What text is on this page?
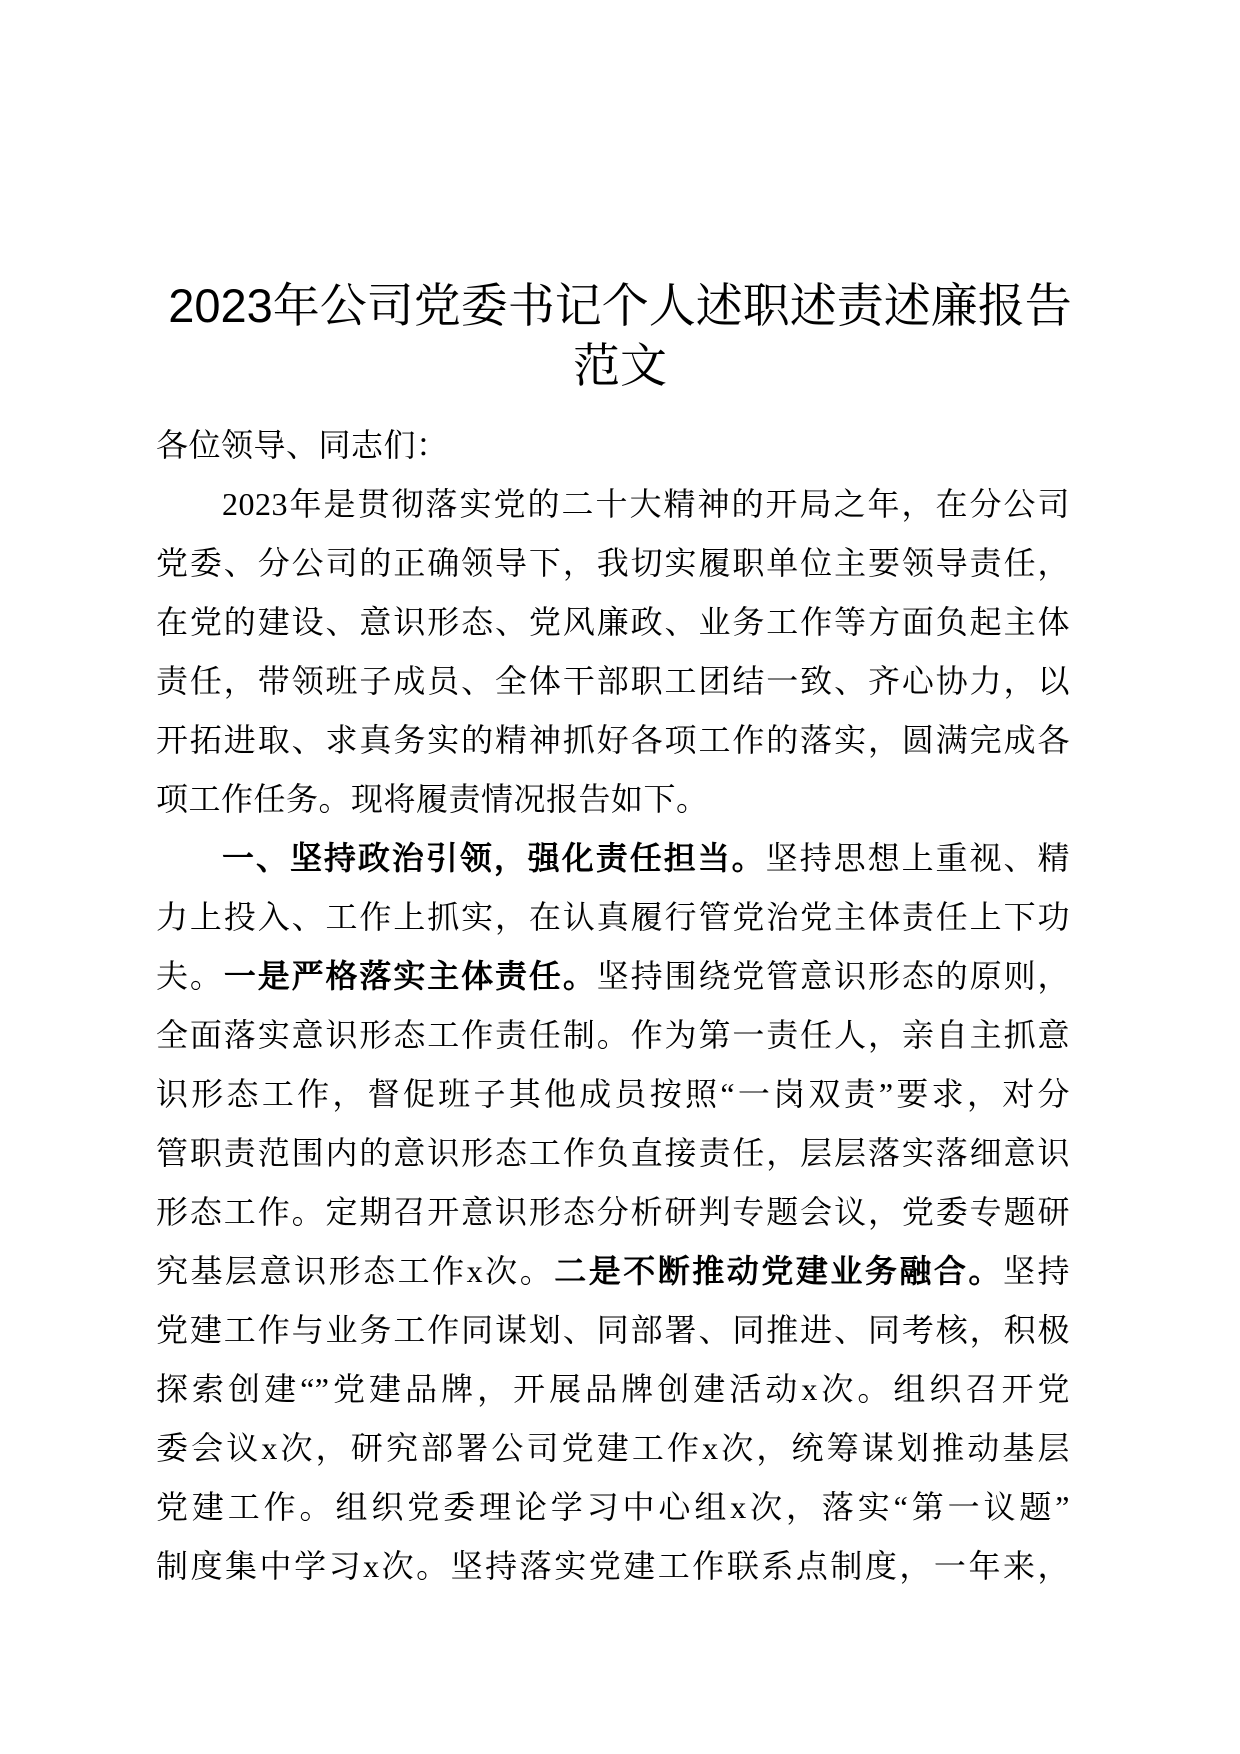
2023年公司党委书记个人述职述责述廉报告
范文
各位领导、同志们：
2023年是贯彻落实党的二十大精神的开局之年，在分公司
党委、分公司的正确领导下，我切实履职单位主要领导责任，
在党的建设、意识形态、党风廉政、业务工作等方面负起主体
责任，带领班子成员、全体干部职工团结一致、齐心协力，以
开拓进取、求真务实的精神抓好各项工作的落实，圆满完成各
项工作任务。现将履责情况报告如下。
一、坚持政治引领，强化责任担当。坚持思想上重视、精
力上投入、工作上抓实，在认真履行管党治党主体责任上下功
夫。一是严格落实主体责任。坚持围绕党管意识形态的原则，
全面落实意识形态工作责任制。作为第一责任人，亲自主抓意
识形态工作，督促班子其他成员按照“一岗双责”要求，对分
管职责范围内的意识形态工作负直接责任，层层落实落细意识
形态工作。定期召开意识形态分析研判专题会议，党委专题研
究基层意识形态工作x次。二是不断推动党建业务融合。坚持
党建工作与业务工作同谋划、同部署、同推进、同考核，积极
探索创建“”党建品牌，开展品牌创建活动x次。组织召开党
委会议x次，研究部署公司党建工作x次，统筹谋划推动基层
党建工作。组织党委理论学习中心组x次，落实“第一议题”
制度集中学习x次。坚持落实党建工作联系点制度，一年来，
